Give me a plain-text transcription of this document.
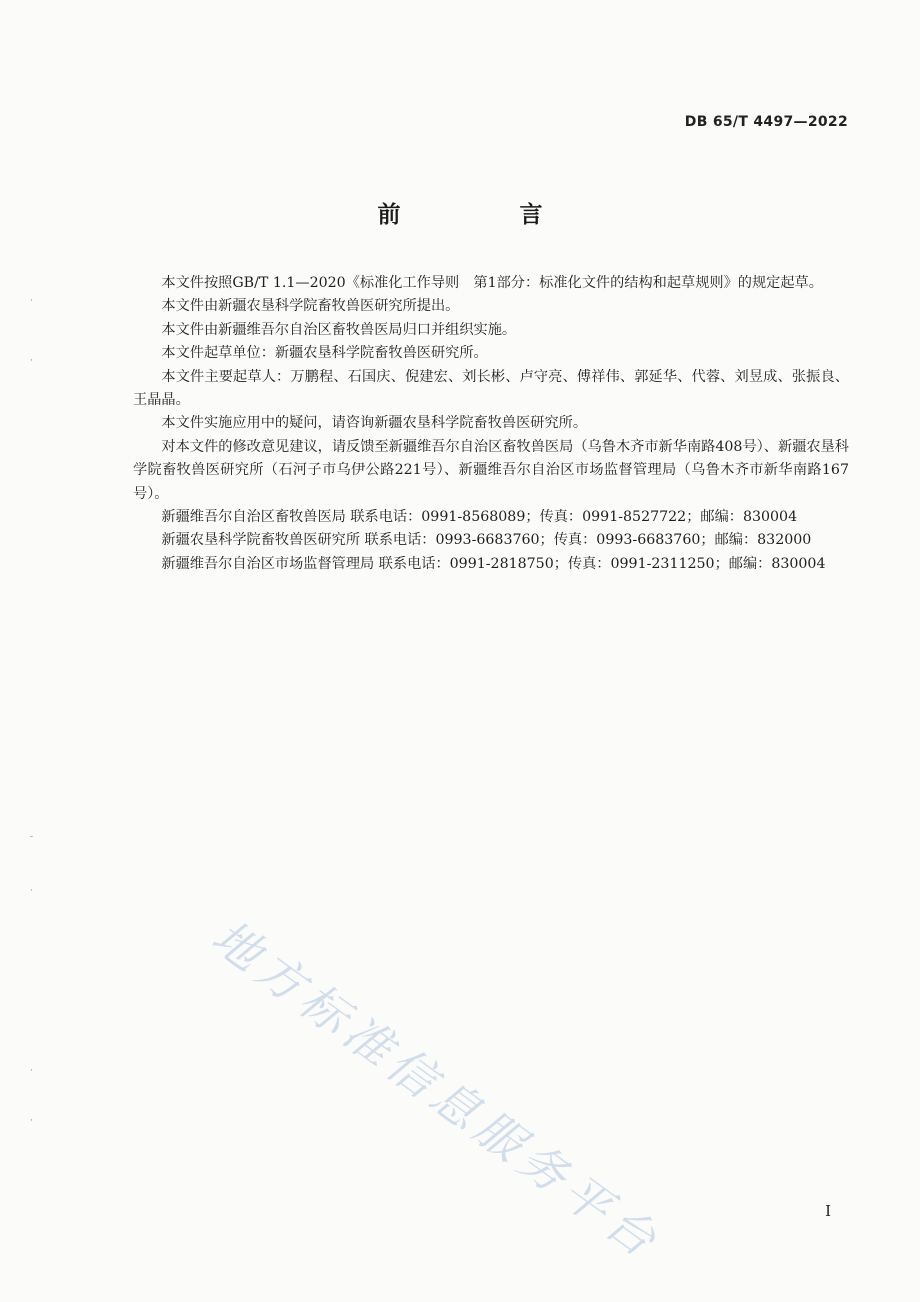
DB 65/T 4497—2022
前　言

本文件按照GB/T 1.1—2020《标准化工作导则　第1部分：标准化文件的结构和起草规则》的规定起草。

本文件由新疆农垦科学院畜牧兽医研究所提出。

本文件由新疆维吾尔自治区畜牧兽医局归口并组织实施。

本文件起草单位：新疆农垦科学院畜牧兽医研究所。

本文件主要起草人：万鹏程、石国庆、倪建宏、刘长彬、卢守亮、傅祥伟、郭延华、代蓉、刘昱成、张振良、王晶晶。

本文件实施应用中的疑问，请咨询新疆农垦科学院畜牧兽医研究所。

对本文件的修改意见建议，请反馈至新疆维吾尔自治区畜牧兽医局（乌鲁木齐市新华南路408号）、新疆农垦科学院畜牧兽医研究所（石河子市乌伊公路221号）、新疆维吾尔自治区市场监督管理局（乌鲁木齐市新华南路167号）。

新疆维吾尔自治区畜牧兽医局 联系电话：0991-8568089；传真：0991-8527722；邮编：830004

新疆农垦科学院畜牧兽医研究所 联系电话：0993-6683760；传真：0993-6683760；邮编：832000

新疆维吾尔自治区市场监督管理局 联系电话：0991-2818750；传真：0991-2311250；邮编：830004

地方标准信息服务平台	I
·
·
-
·
·
·
